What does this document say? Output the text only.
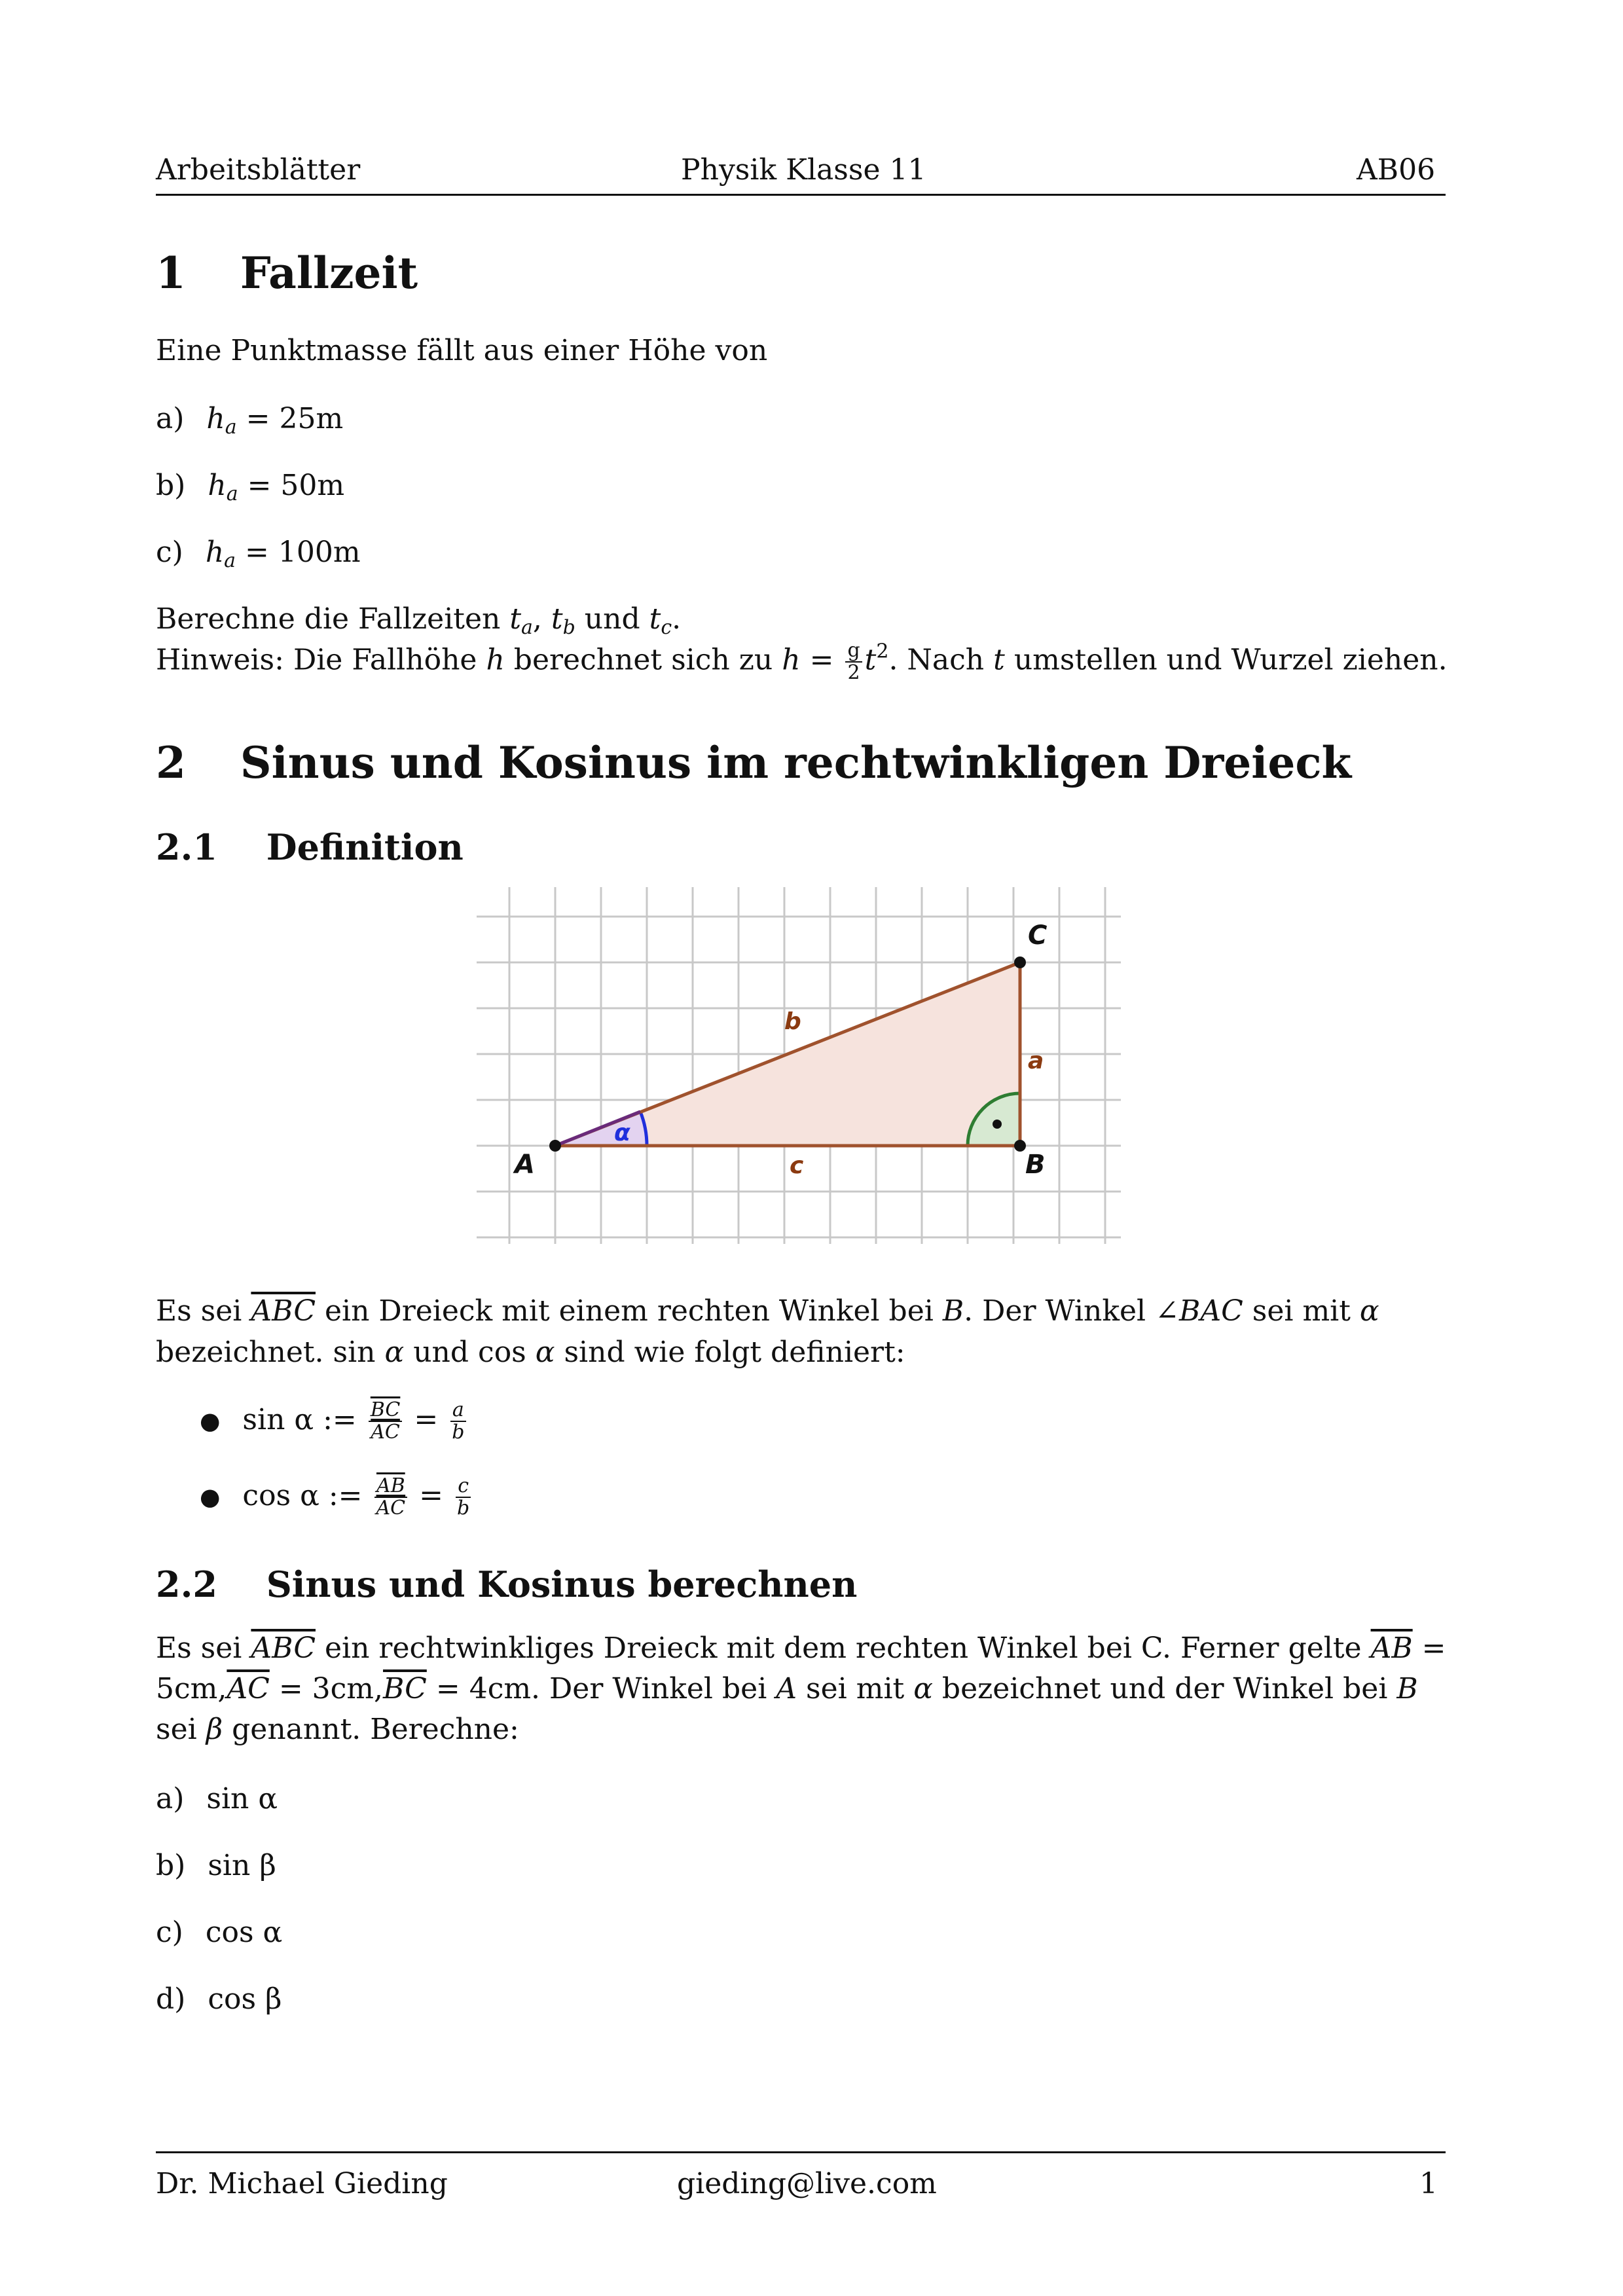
Arbeitsblätter	Physik Klasse 11	AB06
1 Fallzeit
Eine Punktmasse fällt aus einer Höhe von
a) $h_a = 25m$
b) $h_a = 50m$
c) $h_a = 100m$
Berechne die Fallzeiten $t_a$, $t_b$ und $t_c$.
Hinweis: Die Fallhöhe h berechnet sich zu $h = \frac{g}{2} t^2$. Nach t umstellen und Wurzel ziehen.
2 Sinus und Kosinus im rechtwinkligen Dreieck
2.1 Definition
A	B
C
a
b
c
α
Es sei $\overline{ABC}$ ein Dreieck mit einem rechten Winkel bei B. Der Winkel ∠BAC sei mit α
bezeichnet. sin α und cos α sind wie folgt definiert:
● sin α := $\frac{\overline{BC}}{AC} = \frac{a}{b}$
● cos α := $\frac{\overline{AB}}{AC} = \frac{c}{b}$
2.2 Sinus und Kosinus berechnen
Es sei $\overline{ABC}$ ein rechtwinkliges Dreieck mit dem rechten Winkel bei C. Ferner gelte $\overline{AB}$ =
$5cm,\overline{AC} = 3cm,\overline{BC} = 4cm$. Der Winkel bei A sei mit α bezeichnet und der Winkel bei B
sei β genannt. Berechne:
a) sin α
b) sin β
c) cos α
d) cos β
Dr. Michael Gieding	gieding@live.com	1
